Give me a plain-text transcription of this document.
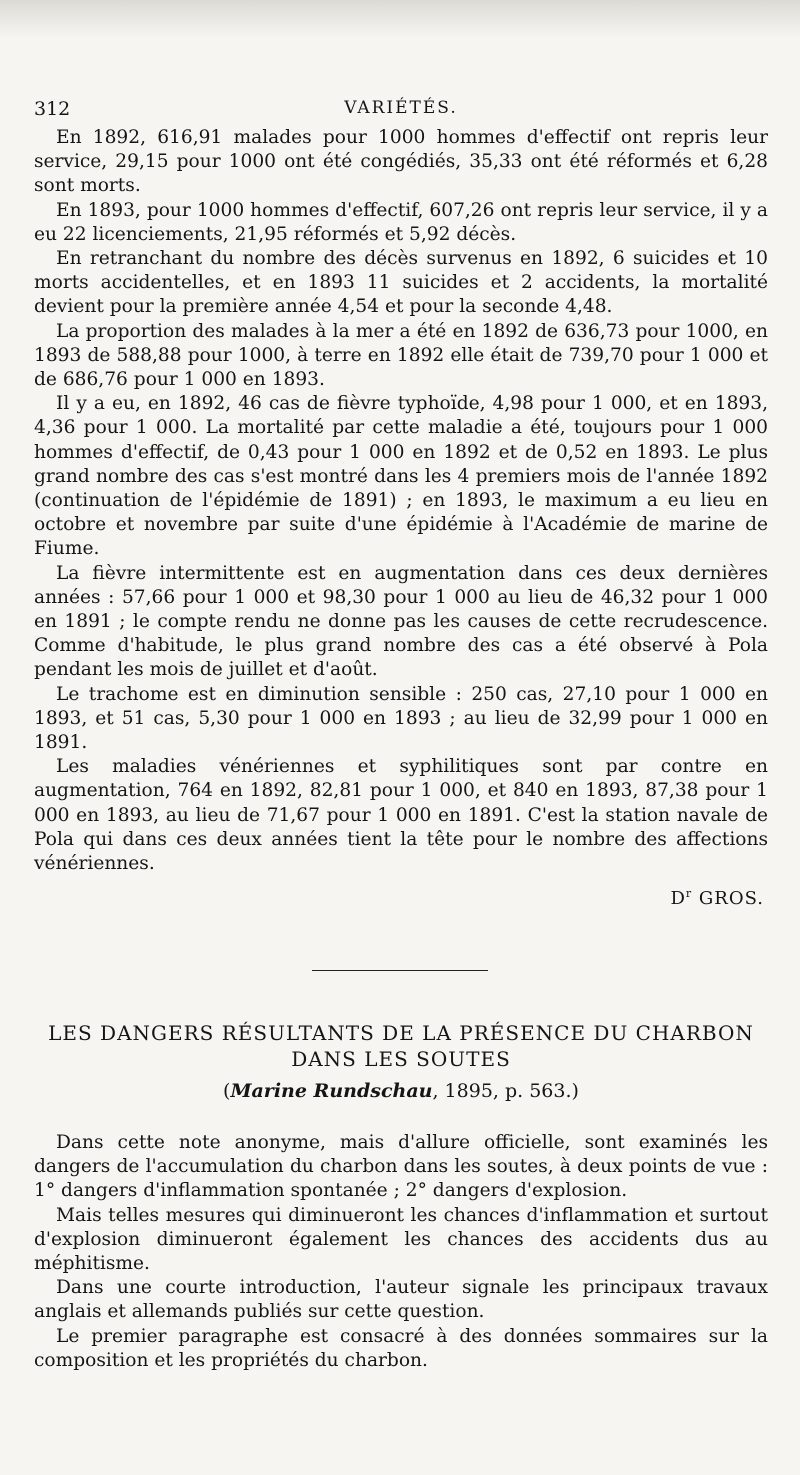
312	VARIÉTÉS.

En 1892, 616,91 malades pour 1000 hommes d'effectif ont repris leur service, 29,15 pour 1000 ont été congédiés, 35,33 ont été réformés et 6,28 sont morts.

En 1893, pour 1000 hommes d'effectif, 607,26 ont repris leur service, il y a eu 22 licenciements, 21,95 réformés et 5,92 décès.

En retranchant du nombre des décès survenus en 1892, 6 suicides et 10 morts accidentelles, et en 1893 11 suicides et 2 accidents, la mortalité devient pour la première année 4,54 et pour la seconde 4,48.

La proportion des malades à la mer a été en 1892 de 636,73 pour 1000, en 1893 de 588,88 pour 1000, à terre en 1892 elle était de 739,70 pour 1 000 et de 686,76 pour 1 000 en 1893.

Il y a eu, en 1892, 46 cas de fièvre typhoïde, 4,98 pour 1 000, et en 1893, 4,36 pour 1 000. La mortalité par cette maladie a été, toujours pour 1 000 hommes d'effectif, de 0,43 pour 1 000 en 1892 et de 0,52 en 1893. Le plus grand nombre des cas s'est montré dans les 4 premiers mois de l'année 1892 (continuation de l'épidémie de 1891) ; en 1893, le maximum a eu lieu en octobre et novembre par suite d'une épidémie à l'Académie de marine de Fiume.

La fièvre intermittente est en augmentation dans ces deux dernières années : 57,66 pour 1 000 et 98,30 pour 1 000 au lieu de 46,32 pour 1 000 en 1891 ; le compte rendu ne donne pas les causes de cette recrudescence. Comme d'habitude, le plus grand nombre des cas a été observé à Pola pendant les mois de juillet et d'août.

Le trachome est en diminution sensible : 250 cas, 27,10 pour 1 000 en 1893, et 51 cas, 5,30 pour 1 000 en 1893 ; au lieu de 32,99 pour 1 000 en 1891.

Les maladies vénériennes et syphilitiques sont par contre en augmentation, 764 en 1892, 82,81 pour 1 000, et 840 en 1893, 87,38 pour 1 000 en 1893, au lieu de 71,67 pour 1 000 en 1891. C'est la station navale de Pola qui dans ces deux années tient la tête pour le nombre des affections vénériennes.

$D^r$ GROS.
LES DANGERS RÉSULTANTS DE LA PRÉSENCE DU CHARBON
DANS LES SOUTES
(Marine Rundschau, 1895, p. 563.)

Dans cette note anonyme, mais d'allure officielle, sont examinés les dangers de l'accumulation du charbon dans les soutes, à deux points de vue : 1° dangers d'inflammation spontanée ; 2° dangers d'explosion.

Mais telles mesures qui diminueront les chances d'inflammation et surtout d'explosion diminueront également les chances des accidents dus au méphitisme.

Dans une courte introduction, l'auteur signale les principaux travaux anglais et allemands publiés sur cette question.

Le premier paragraphe est consacré à des données sommaires sur la composition et les propriétés du charbon.
